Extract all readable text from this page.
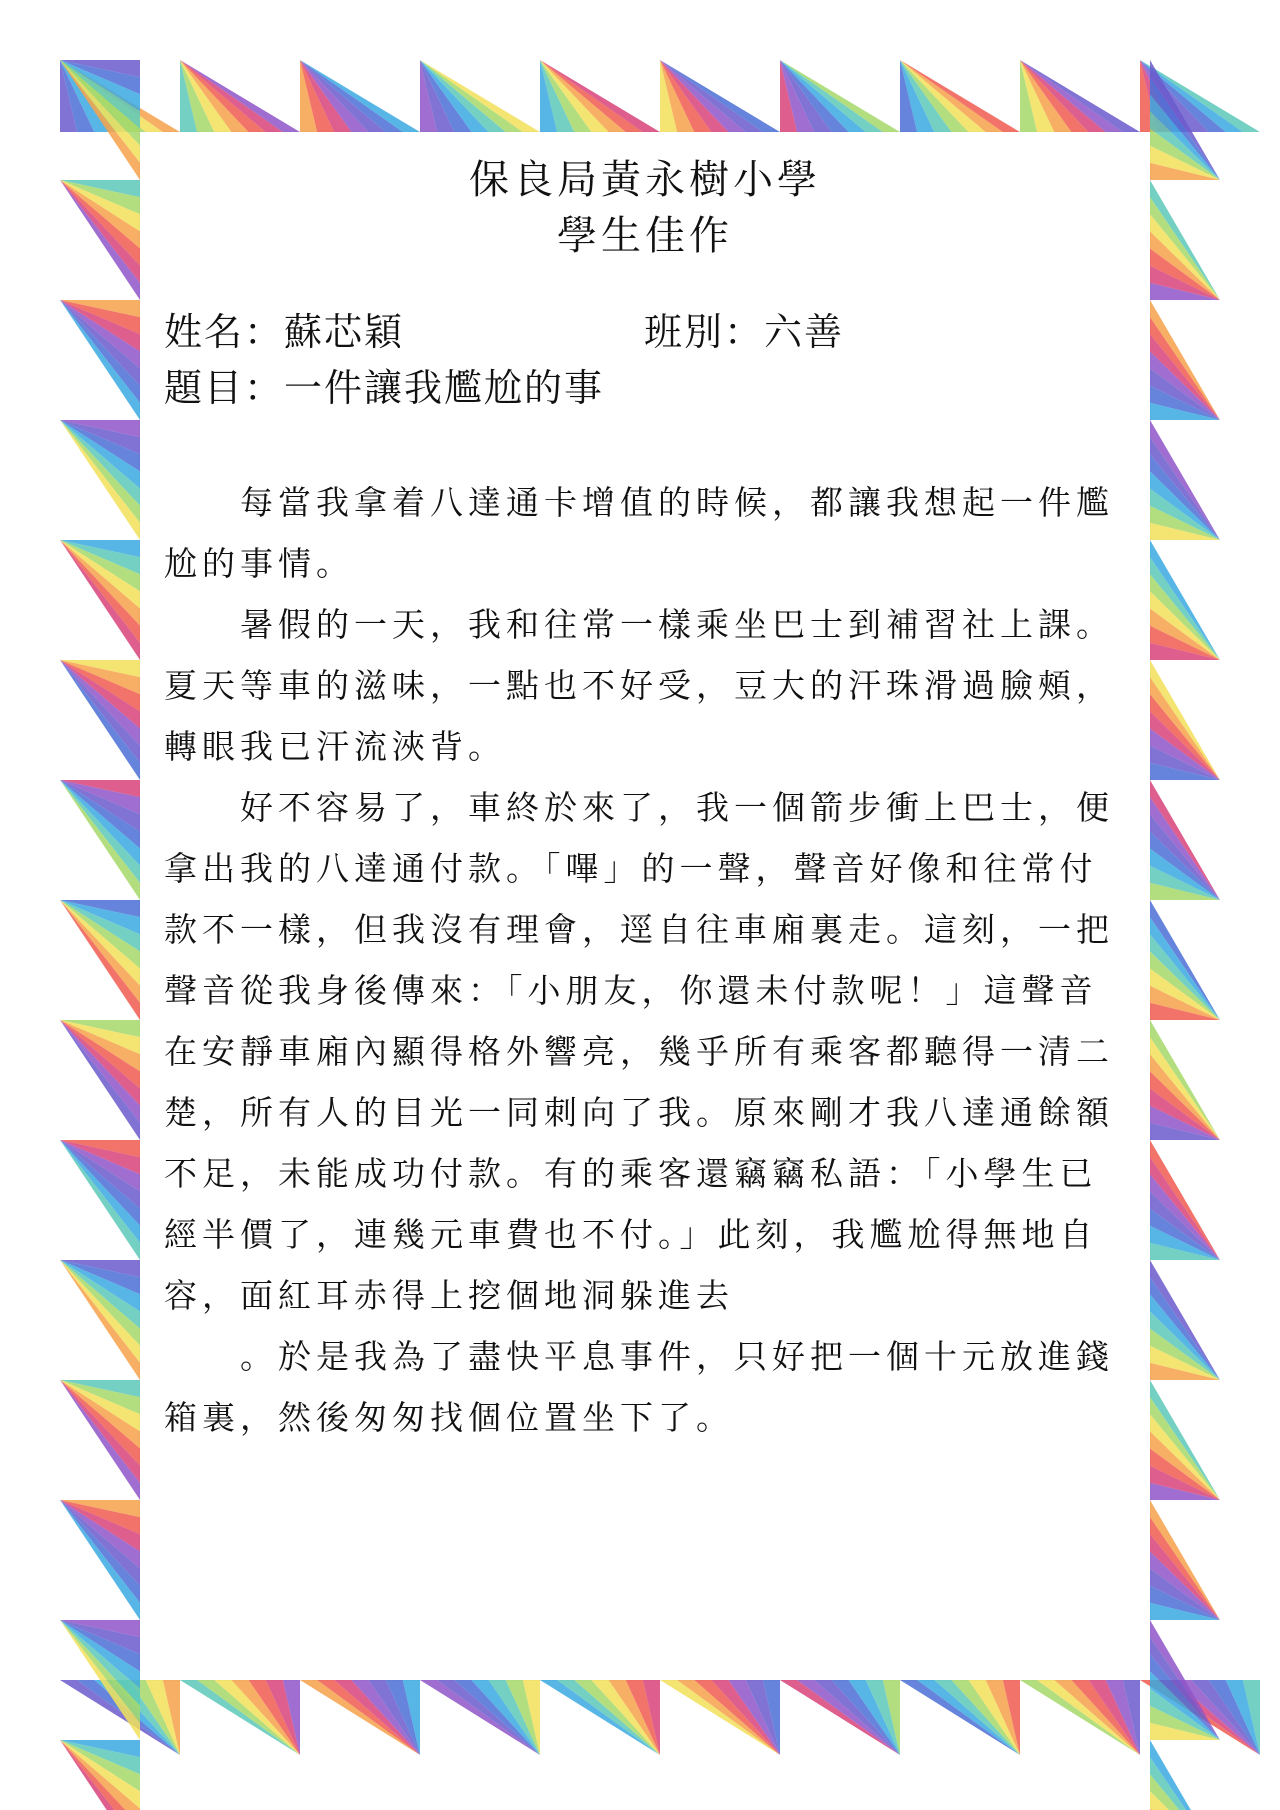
保良局黃永樹小學
學生佳作
姓名：蘇芯穎	班別：六善
題目：一件讓我尷尬的事

每當我拿着八達通卡增值的時候，都讓我想起一件尷尬的事情。

暑假的一天，我和往常一樣乘坐巴士到補習社上課。夏天等車的滋味，一點也不好受，豆大的汗珠滑過臉頰，轉眼我已汗流浹背。

好不容易了，車終於來了，我一個箭步衝上巴士，便拿出我的八達通付款。「嗶」的一聲，聲音好像和往常付款不一樣，但我沒有理會，逕自往車廂裏走。這刻，一把聲音從我身後傳來：「小朋友，你還未付款呢！」這聲音在安靜車廂內顯得格外響亮，幾乎所有乘客都聽得一清二楚，所有人的目光一同刺向了我。原來剛才我八達通餘額不足，未能成功付款。有的乘客還竊竊私語：「小學生已經半價了，連幾元車費也不付。」此刻，我尷尬得無地自容，面紅耳赤得上挖個地洞躲進去

。於是我為了盡快平息事件，只好把一個十元放進錢箱裏，然後匆匆找個位置坐下了。
